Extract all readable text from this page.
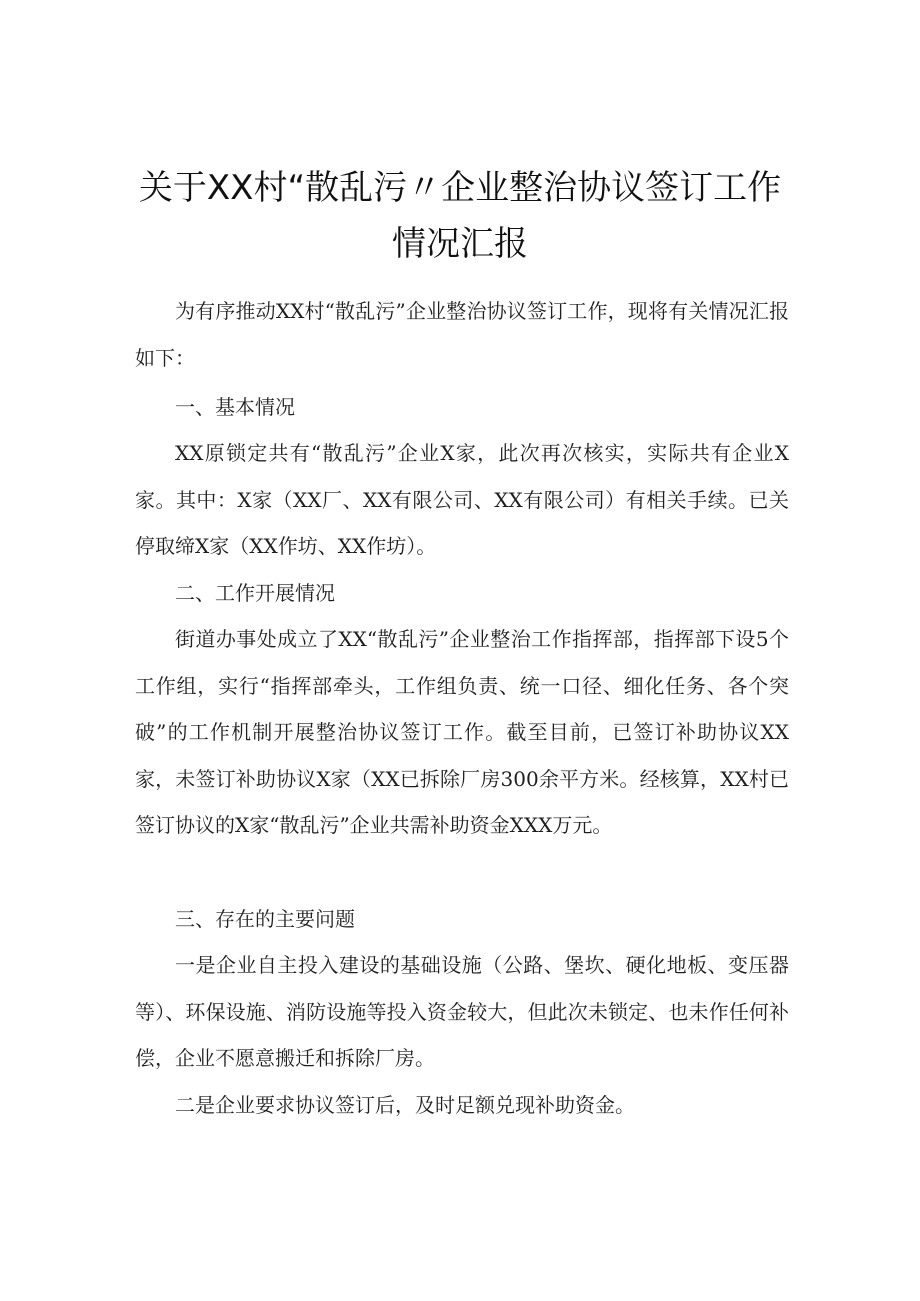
关于XX村“散乱污〃企业整治协议签订工作
情况汇报

为有序推动XX村“散乱污”企业整治协议签订工作，现将有关情况汇报如下：

一、基本情况

XX原锁定共有“散乱污”企业X家，此次再次核实，实际共有企业X家。其中：X家（XX厂、XX有限公司、XX有限公司）有相关手续。已关停取缔X家（XX作坊、XX作坊）。

二、工作开展情况

街道办事处成立了XX“散乱污”企业整治工作指挥部，指挥部下设5个工作组，实行“指挥部牵头，工作组负责、统一口径、细化任务、各个突破”的工作机制开展整治协议签订工作。截至目前，已签订补助协议XX家，未签订补助协议X家（XX已拆除厂房300余平方米。经核算，XX村已签订协议的X家“散乱污”企业共需补助资金XXX万元。

三、存在的主要问题

一是企业自主投入建设的基础设施（公路、堡坎、硬化地板、变压器等）、环保设施、消防设施等投入资金较大，但此次未锁定、也未作任何补偿，企业不愿意搬迁和拆除厂房。

二是企业要求协议签订后，及时足额兑现补助资金。
